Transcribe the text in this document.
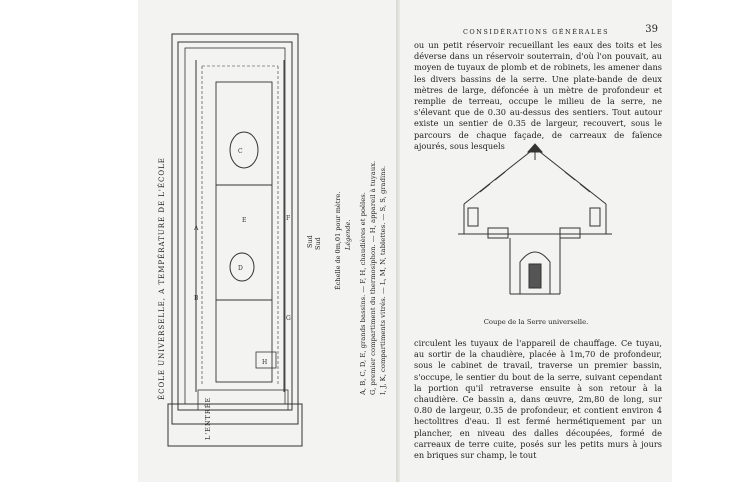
A
B
C
D
E	F
G
H
ÉCOLE UNIVERSELLE, A TEMPÉRATURE DE L'ÉCOLE	Sud
Sud
L'ENTRÉE
Échelle de 0m,01 pour mètre. Légende. A, B, C, D, E, grands bassins. — F, H, chaudières et poêles. G, premier compartiment du thermosiphon. — H, appareil à tuyaux. I, J, K, compartiments vitrés. — L, M, N, tablettes. — S, S, gradins.
CONSIDÉRATIONS GÉNÉRALES	39
ou un petit réservoir recueillant les eaux des toits et les déverse dans un réservoir souterrain, d'où l'on pouvait, au moyen de tuyaux de plomb et de robinets, les amener dans les divers bassins de la serre. Une plate-bande de deux mètres de large, défoncée à un mètre de profondeur et remplie de terreau, occupe le milieu de la serre, ne s'élevant que de 0.30 au-dessus des sentiers. Tout autour existe un sentier de 0.35 de largeur, recouvert, sous le parcours de chaque façade, de carreaux de faïence ajourés, sous lesquels
Coupe de la Serre universelle.
circulent les tuyaux de l'appareil de chauffage. Ce tuyau, au sortir de la chaudière, placée à 1m,70 de profondeur, sous le cabinet de travail, traverse un premier bassin, s'occupe, le sentier du bout de la serre, suivant cependant la portion qu'il retraverse ensuite à son retour à la chaudière. Ce bassin a, dans œuvre, 2m,80 de long, sur 0.80 de largeur, 0.35 de profondeur, et contient environ 4 hectolitres d'eau. Il est fermé hermétiquement par un plancher, en niveau des dalles découpées, formé de carreaux de terre cuite, posés sur les petits murs à jours en briques sur champ, le tout
